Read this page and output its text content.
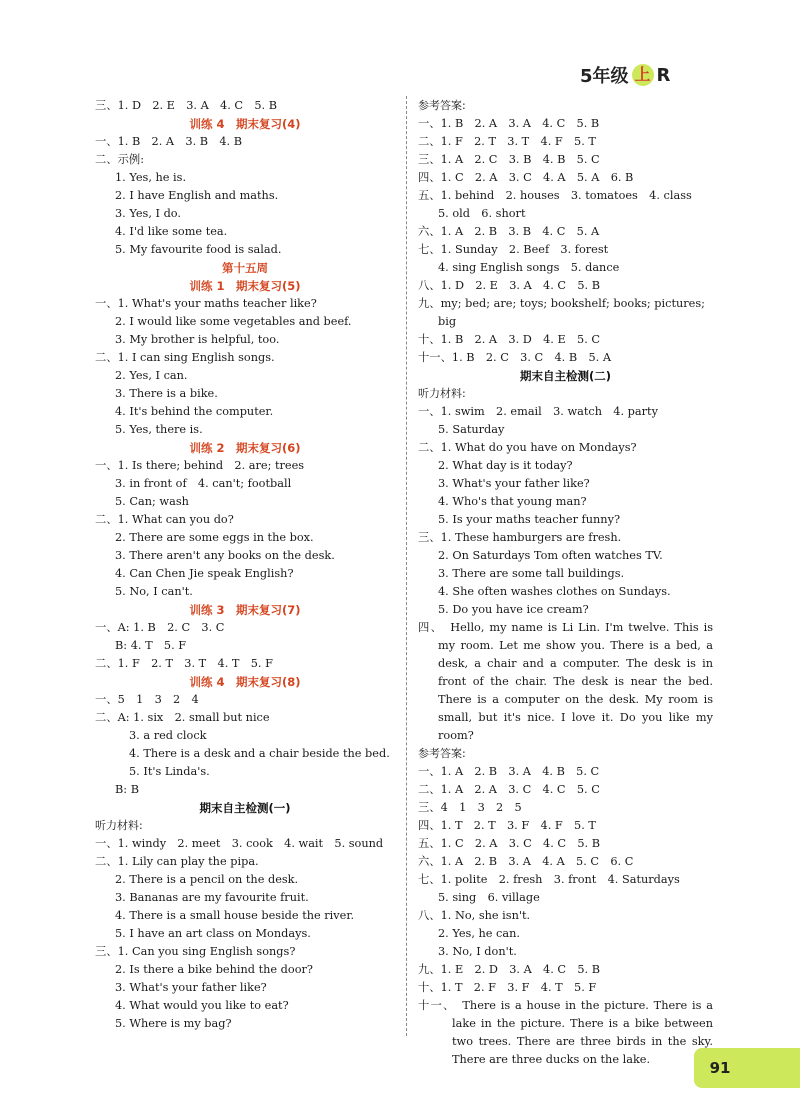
5年级 上 R
三、1. D　2. E　3. A　4. C　5. B
训练 4　期末复习(4)
一、1. B　2. A　3. B　4. B
二、示例:
1. Yes, he is.
2. I have English and maths.
3. Yes, I do.
4. I'd like some tea.
5. My favourite food is salad.
第十五周
训练 1　期末复习(5)
一、1. What's your maths teacher like?
2. I would like some vegetables and beef.
3. My brother is helpful, too.
二、1. I can sing English songs.
2. Yes, I can.
3. There is a bike.
4. It's behind the computer.
5. Yes, there is.
训练 2　期末复习(6)
一、1. Is there; behind　2. are; trees
3. in front of　4. can't; football
5. Can; wash
二、1. What can you do?
2. There are some eggs in the box.
3. There aren't any books on the desk.
4. Can Chen Jie speak English?
5. No, I can't.
训练 3　期末复习(7)
一、A: 1. B　2. C　3. C
B: 4. T　5. F
二、1. F　2. T　3. T　4. T　5. F
训练 4　期末复习(8)
一、5　1　3　2　4
二、A: 1. six　2. small but nice
3. a red clock
4. There is a desk and a chair beside the bed.
5. It's Linda's.
B: B
期末自主检测(一)
听力材料:
一、1. windy　2. meet　3. cook　4. wait　5. sound
二、1. Lily can play the pipa.
2. There is a pencil on the desk.
3. Bananas are my favourite fruit.
4. There is a small house beside the river.
5. I have an art class on Mondays.
三、1. Can you sing English songs?
2. Is there a bike behind the door?
3. What's your father like?
4. What would you like to eat?
5. Where is my bag?
参考答案:
一、1. B　2. A　3. A　4. C　5. B
二、1. F　2. T　3. T　4. F　5. T
三、1. A　2. C　3. B　4. B　5. C
四、1. C　2. A　3. C　4. A　5. A　6. B
五、1. behind　2. houses　3. tomatoes　4. class
5. old　6. short
六、1. A　2. B　3. B　4. C　5. A
七、1. Sunday　2. Beef　3. forest
4. sing English songs　5. dance
八、1. D　2. E　3. A　4. C　5. B
九、my; bed; are; toys; bookshelf; books; pictures;
big
十、1. B　2. A　3. D　4. E　5. C
十一、1. B　2. C　3. C　4. B　5. A
期末自主检测(二)
听力材料:
一、1. swim　2. email　3. watch　4. party
5. Saturday
二、1. What do you have on Mondays?
2. What day is it today?
3. What's your father like?
4. Who's that young man?
5. Is your maths teacher funny?
三、1. These hamburgers are fresh.
2. On Saturdays Tom often watches TV.
3. There are some tall buildings.
4. She often washes clothes on Sundays.
5. Do you have ice cream?
四、　Hello, my name is Li Lin. I'm twelve. This is my room. Let me show you. There is a bed, a desk, a chair and a computer. The desk is in front of the chair. The desk is near the bed. There is a computer on the desk. My room is small, but it's nice. I love it. Do you like my room?
参考答案:
一、1. A　2. B　3. A　4. B　5. C
二、1. A　2. A　3. C　4. C　5. C
三、4　1　3　2　5
四、1. T　2. T　3. F　4. F　5. T
五、1. C　2. A　3. C　4. C　5. B
六、1. A　2. B　3. A　4. A　5. C　6. C
七、1. polite　2. fresh　3. front　4. Saturdays
5. sing　6. village
八、1. No, she isn't.
2. Yes, he can.
3. No, I don't.
九、1. E　2. D　3. A　4. C　5. B
十、1. T　2. F　3. F　4. T　5. F
十一、　There is a house in the picture. There is a lake in the picture. There is a bike between two trees. There are three birds in the sky.　There are three ducks on the lake.	91
